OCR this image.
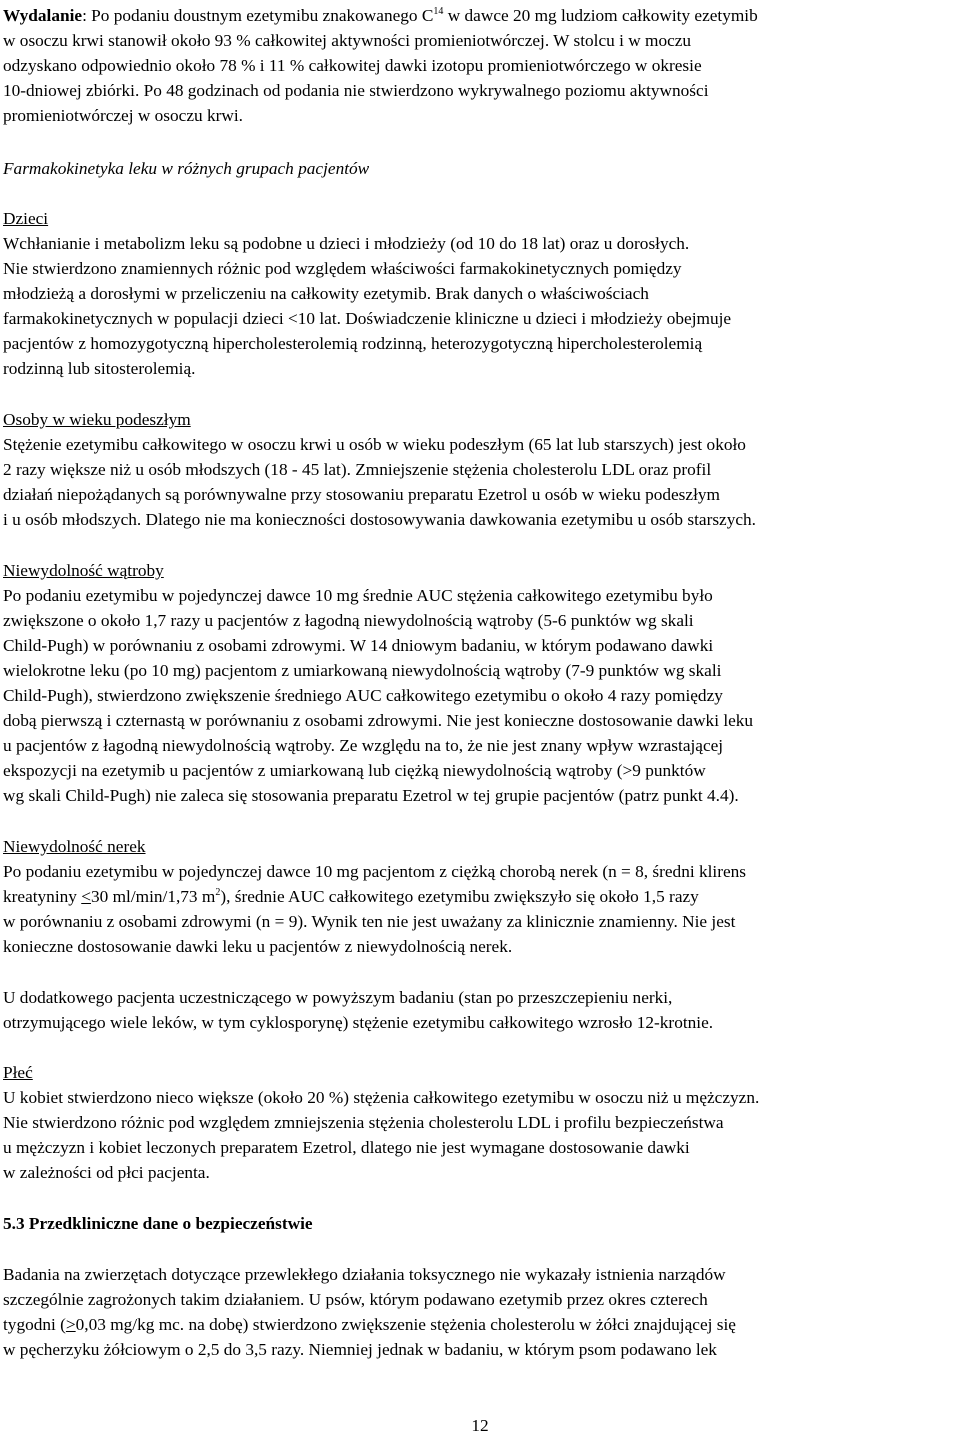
Wydalanie: Po podaniu doustnym ezetymibu znakowanego $C^{14}$ w dawce 20 mg ludziom całkowity ezetymib
w osoczu krwi stanowił około 93 % całkowitej aktywności promieniotwórczej. W stolcu i w moczu
odzyskano odpowiednio około 78 % i 11 % całkowitej dawki izotopu promieniotwórczego w okresie
10-dniowej zbiórki. Po 48 godzinach od podania nie stwierdzono wykrywalnego poziomu aktywności
promieniotwórczej w osoczu krwi.
Farmakokinetyka leku w różnych grupach pacjentów
Dzieci
Wchłanianie i metabolizm leku są podobne u dzieci i młodzieży (od 10 do 18 lat) oraz u dorosłych.
Nie stwierdzono znamiennych różnic pod względem właściwości farmakokinetycznych pomiędzy
młodzieżą a dorosłymi w przeliczeniu na całkowity ezetymib. Brak danych o właściwościach
farmakokinetycznych w populacji dzieci <10 lat. Doświadczenie kliniczne u dzieci i młodzieży obejmuje
pacjentów z homozygotyczną hipercholesterolemią rodzinną, heterozygotyczną hipercholesterolemią
rodzinną lub sitosterolemią.
Osoby w wieku podeszłym
Stężenie ezetymibu całkowitego w osoczu krwi u osób w wieku podeszłym (65 lat lub starszych) jest około
2 razy większe niż u osób młodszych (18 - 45 lat). Zmniejszenie stężenia cholesterolu LDL oraz profil
działań niepożądanych są porównywalne przy stosowaniu preparatu Ezetrol u osób w wieku podeszłym
i u osób młodszych. Dlatego nie ma konieczności dostosowywania dawkowania ezetymibu u osób starszych.
Niewydolność wątroby
Po podaniu ezetymibu w pojedynczej dawce 10 mg średnie AUC stężenia całkowitego ezetymibu było
zwiększone o około 1,7 razy u pacjentów z łagodną niewydolnością wątroby (5-6 punktów wg skali
Child-Pugh) w porównaniu z osobami zdrowymi. W 14 dniowym badaniu, w którym podawano dawki
wielokrotne leku (po 10 mg) pacjentom z umiarkowaną niewydolnością wątroby (7-9 punktów wg skali
Child-Pugh), stwierdzono zwiększenie średniego AUC całkowitego ezetymibu o około 4 razy pomiędzy
dobą pierwszą i czternastą w porównaniu z osobami zdrowymi. Nie jest konieczne dostosowanie dawki leku
u pacjentów z łagodną niewydolnością wątroby. Ze względu na to, że nie jest znany wpływ wzrastającej
ekspozycji na ezetymib u pacjentów z umiarkowaną lub ciężką niewydolnością wątroby (>9 punktów
wg skali Child-Pugh) nie zaleca się stosowania preparatu Ezetrol w tej grupie pacjentów (patrz punkt 4.4).
Niewydolność nerek
Po podaniu ezetymibu w pojedynczej dawce 10 mg pacjentom z ciężką chorobą nerek (n = 8, średni klirens
kreatyniny ≤30 ml/min/1,73 $m^2$), średnie AUC całkowitego ezetymibu zwiększyło się około 1,5 razy
w porównaniu z osobami zdrowymi (n = 9). Wynik ten nie jest uważany za klinicznie znamienny. Nie jest
konieczne dostosowanie dawki leku u pacjentów z niewydolnością nerek.
U dodatkowego pacjenta uczestniczącego w powyższym badaniu (stan po przeszczepieniu nerki,
otrzymującego wiele leków, w tym cyklosporynę) stężenie ezetymibu całkowitego wzrosło 12-krotnie.
Płeć
U kobiet stwierdzono nieco większe (około 20 %) stężenia całkowitego ezetymibu w osoczu niż u mężczyzn.
Nie stwierdzono różnic pod względem zmniejszenia stężenia cholesterolu LDL i profilu bezpieczeństwa
u mężczyzn i kobiet leczonych preparatem Ezetrol, dlatego nie jest wymagane dostosowanie dawki
w zależności od płci pacjenta.
5.3 Przedkliniczne dane o bezpieczeństwie
Badania na zwierzętach dotyczące przewlekłego działania toksycznego nie wykazały istnienia narządów
szczególnie zagrożonych takim działaniem. U psów, którym podawano ezetymib przez okres czterech
tygodni (≥0,03 mg/kg mc. na dobę) stwierdzono zwiększenie stężenia cholesterolu w żółci znajdującej się
w pęcherzyku żółciowym o 2,5 do 3,5 razy. Niemniej jednak w badaniu, w którym psom podawano lek
12
